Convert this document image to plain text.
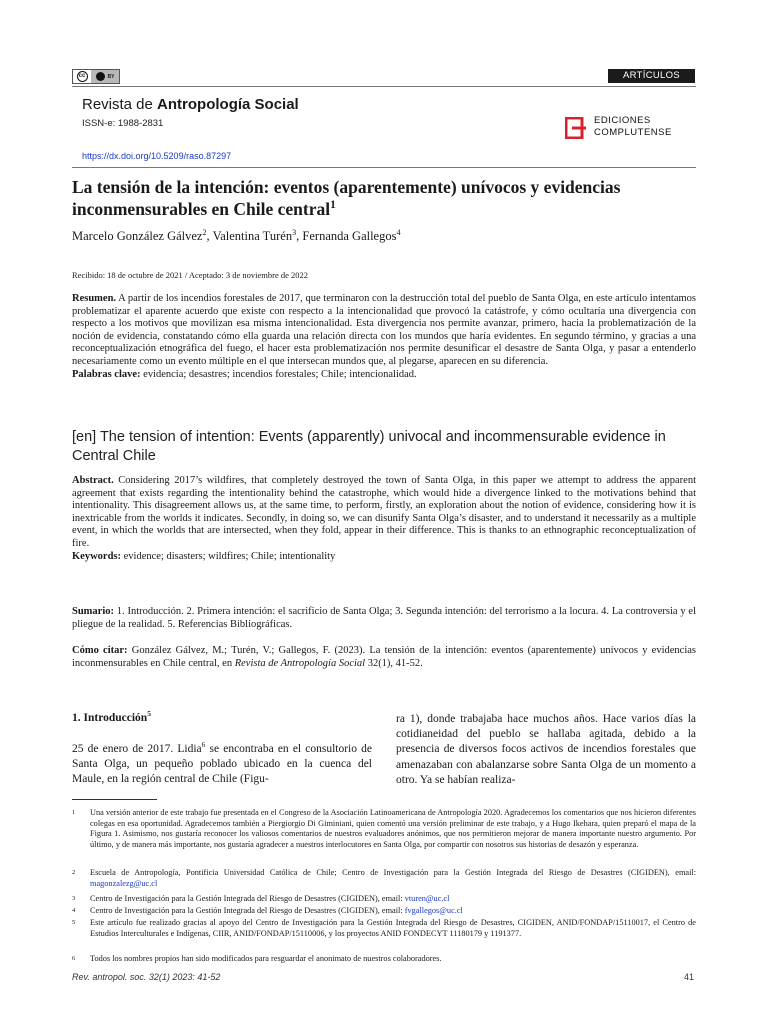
cc	BY	ARTÍCULOS
Revista de Antropología Social
ISSN-e: 1988-2831
https://dx.doi.org/10.5209/raso.87297
EDICIONES
COMPLUTENSE
La tensión de la intención: eventos (aparentemente) unívocos y evidencias inconmensurables en Chile central$^1$
Marcelo González Gálvez$^2$, Valentina Turén$^3$, Fernanda Gallegos$^4$
Recibido: 18 de octubre de 2021 / Aceptado: 3 de noviembre de 2022
Resumen. A partir de los incendios forestales de 2017, que terminaron con la destrucción total del pueblo de Santa Olga, en este artículo intentamos problematizar el aparente acuerdo que existe con respecto a la intencionalidad que provocó la catástrofe, y cómo ocultaría una divergencia con respecto a los motivos que movilizan esa misma intencionalidad. Esta divergencia nos permite avanzar, primero, hacia la problematización de la noción de evidencia, constatando cómo ella guarda una relación directa con los mundos que haría evidentes. En segundo término, y gracias a una reconceptualización etnográfica del fuego, el hacer esta problematización nos permite desunificar el desastre de Santa Olga, y pasar a entenderlo necesariamente como un evento múltiple en el que intersecan mundos que, al plegarse, aparecen en su diferencia.
Palabras clave: evidencia; desastres; incendios forestales; Chile; intencionalidad.
[en] The tension of intention: Events (apparently) univocal and incommensurable evidence in Central Chile
Abstract. Considering 2017’s wildfires, that completely destroyed the town of Santa Olga, in this paper we attempt to address the apparent agreement that exists regarding the intentionality behind the catastrophe, which would hide a divergence linked to the motivations behind that intentionality. This disagreement allows us, at the same time, to perform, firstly, an exploration about the notion of evidence, considering how it is inextricable from the worlds it indicates. Secondly, in doing so, we can disunify Santa Olga’s disaster, and to understand it necessarily as a multiple event, in which the worlds that are intersected, when they fold, appear in their difference. This is thanks to an ethnographic reconceptualization of fire.
Keywords: evidence; disasters; wildfires; Chile; intentionality
Sumario: 1. Introducción. 2. Primera intención: el sacrificio de Santa Olga; 3. Segunda intención: del terrorismo a la locura. 4. La controversia y el pliegue de la realidad. 5. Referencias Bibliográficas.
Cómo citar: González Gálvez, M.; Turén, V.; Gallegos, F. (2023). La tensión de la intención: eventos (aparentemente) unívocos y evidencias inconmensurables en Chile central, en Revista de Antropología Social 32(1), 41-52.
1. Introducción$^5$
25 de enero de 2017. Lidia$^6$ se encontraba en el consultorio de Santa Olga, un pequeño poblado ubicado en la cuenca del Maule, en la región central de Chile (Figu-
ra 1), donde trabajaba hace muchos años. Hace varios días la cotidianeidad del pueblo se hallaba agitada, debido a la presencia de diversos focos activos de incendios forestales que amenazaban con abalanzarse sobre Santa Olga de un momento a otro. Ya se habían realiza-
1 Una versión anterior de este trabajo fue presentada en el Congreso de la Asociación Latinoamericana de Antropología 2020. Agradecemos los comentarios que nos hicieron diferentes colegas en esa oportunidad. Agradecemos también a Piergiorgio Di Giminiani, quien comentó una versión preliminar de este trabajo, y a Hugo Ikehara, quien preparó el mapa de la Figura 1. Asimismo, nos gustaría reconocer los valiosos comentarios de nuestros evaluadores anónimos, que nos permitieron mejorar de manera importante nuestro argumento. Por último, y de manera más importante, nos gustaría agradecer a nuestros interlocutores en Santa Olga, por compartir con nosotros sus historias de desazón y esperanza.
2 Escuela de Antropología, Pontificia Universidad Católica de Chile; Centro de Investigación para la Gestión Integrada del Riesgo de Desastres (CIGIDEN), email: magonzalezg@uc.cl
3 Centro de Investigación para la Gestión Integrada del Riesgo de Desastres (CIGIDEN), email: vturen@uc.cl
4 Centro de Investigación para la Gestión Integrada del Riesgo de Desastres (CIGIDEN), email: fvgallegos@uc.cl
5 Este artículo fue realizado gracias al apoyo del Centro de Investigación para la Gestión Integrada del Riesgo de Desastres, CIGIDEN, ANID/FONDAP/15110017, el Centro de Estudios Interculturales e Indígenas, CIIR, ANID/FONDAP/15110006, y los proyectos ANID FONDECYT 11180179 y 1191377.
6 Todos los nombres propios han sido modificados para resguardar el anonimato de nuestros colaboradores.
Rev. antropol. soc. 32(1) 2023: 41-52	41
